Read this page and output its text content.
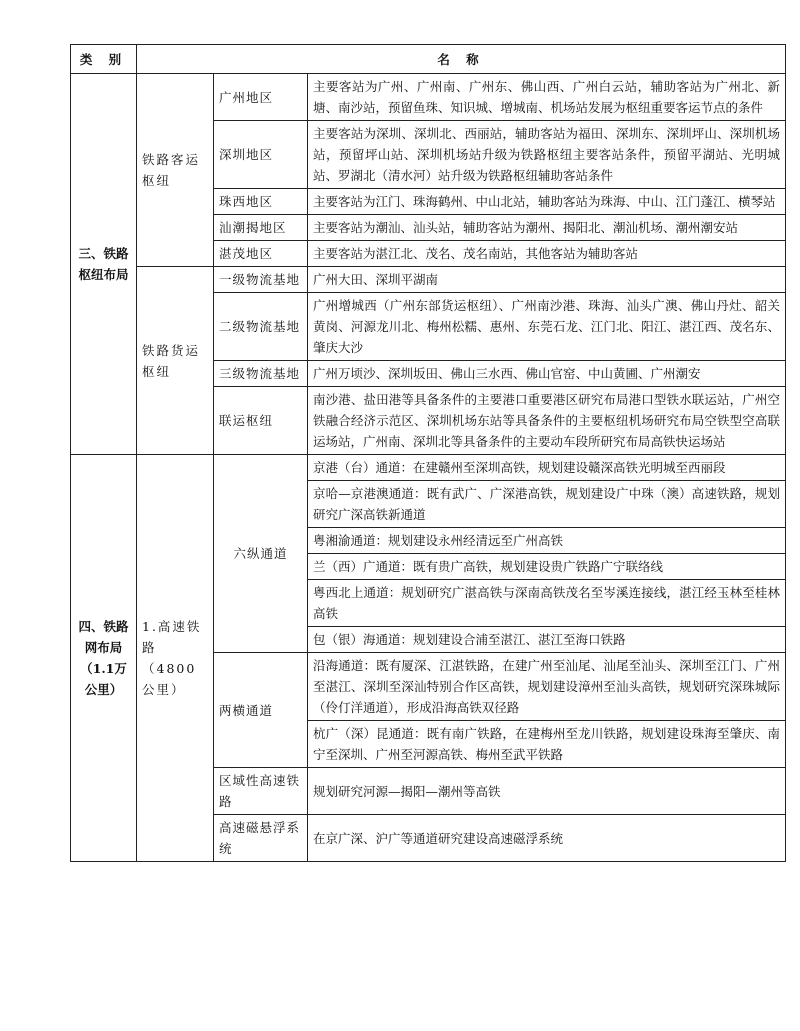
类 别	名 称		
三、铁路枢纽布局	铁路客运枢纽	广州地区	主要客站为广州、广州南、广州东、佛山西、广州白云站，辅助客站为广州北、新塘、南沙站，预留鱼珠、知识城、增城南、机场站发展为枢纽重要客运节点的条件
		深圳地区	主要客站为深圳、深圳北、西丽站，辅助客站为福田、深圳东、深圳坪山、深圳机场站，预留坪山站、深圳机场站升级为铁路枢纽主要客站条件，预留平湖站、光明城站、罗湖北（清水河）站升级为铁路枢纽辅助客站条件
		珠西地区	主要客站为江门、珠海鹤州、中山北站，辅助客站为珠海、中山、江门蓬江、横琴站
		汕潮揭地区	主要客站为潮汕、汕头站，辅助客站为潮州、揭阳北、潮汕机场、潮州潮安站
		湛茂地区	主要客站为湛江北、茂名、茂名南站，其他客站为辅助客站
	铁路货运枢纽	一级物流基地	广州大田、深圳平湖南
		二级物流基地	广州增城西（广州东部货运枢纽）、广州南沙港、珠海、汕头广澳、佛山丹灶、韶关黄岗、河源龙川北、梅州松糯、惠州、东莞石龙、江门北、阳江、湛江西、茂名东、肇庆大沙
		三级物流基地	广州万顷沙、深圳坂田、佛山三水西、佛山官窑、中山黄圃、广州潮安
		联运枢纽	南沙港、盐田港等具备条件的主要港口重要港区研究布局港口型铁水联运站，广州空铁融合经济示范区、深圳机场东站等具备条件的主要枢纽机场研究布局空铁型空高联运场站，广州南、深圳北等具备条件的主要动车段所研究布局高铁快运场站
四、铁路网布局（1.1万公里）	1.高速铁路（4800公里）	六纵通道	京港（台）通道：在建赣州至深圳高铁，规划建设赣深高铁光明城至西丽段
			京哈—京港澳通道：既有武广、广深港高铁，规划建设广中珠（澳）高速铁路，规划研究广深高铁新通道
			粤湘渝通道：规划建设永州经清远至广州高铁
			兰（西）广通道：既有贵广高铁，规划建设贵广铁路广宁联络线
			粤西北上通道：规划研究广湛高铁与深南高铁茂名至岑溪连接线，湛江经玉林至桂林高铁
			包（银）海通道：规划建设合浦至湛江、湛江至海口铁路
		两横通道	沿海通道：既有厦深、江湛铁路，在建广州至汕尾、汕尾至汕头、深圳至江门、广州至湛江、深圳至深汕特别合作区高铁，规划建设漳州至汕头高铁，规划研究深珠城际（伶仃洋通道），形成沿海高铁双径路
			杭广（深）昆通道：既有南广铁路，在建梅州至龙川铁路，规划建设珠海至肇庆、南宁至深圳、广州至河源高铁、梅州至武平铁路
		区域性高速铁路	规划研究河源—揭阳—潮州等高铁
		高速磁悬浮系统	在京广深、沪广等通道研究建设高速磁浮系统
